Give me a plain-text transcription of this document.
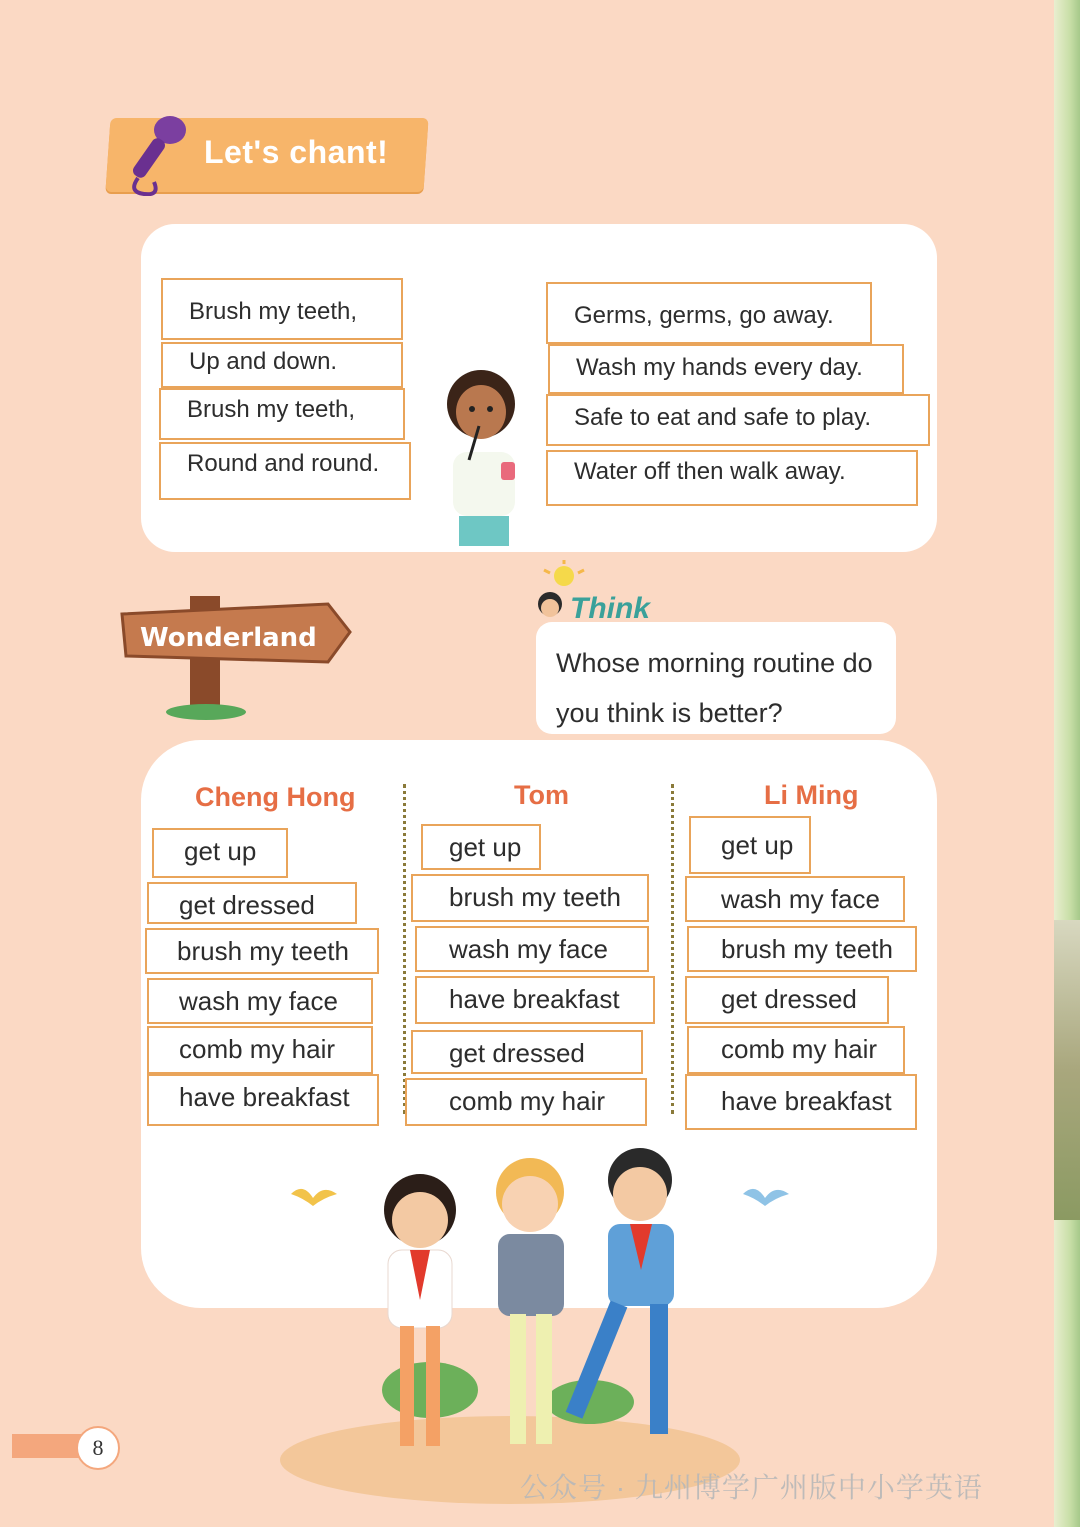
Let's chant!
Brush my teeth,
Up and down.
Brush my teeth,
Round and round.
Germs, germs, go away.
Wash my hands every day.
Safe to eat and safe to play.
Water off then walk away.
Wonderland
Think
Whose morning routine do
you think is better?
Cheng Hong	Tom	Li Ming
get up
get dressed
brush my teeth
wash my face
comb my hair
have breakfast
get up
brush my teeth
wash my face
have breakfast
get dressed
comb my hair
get up
wash my face
brush my teeth
get dressed
comb my hair
have breakfast
8
公众号 · 九州博学广州版中小学英语
